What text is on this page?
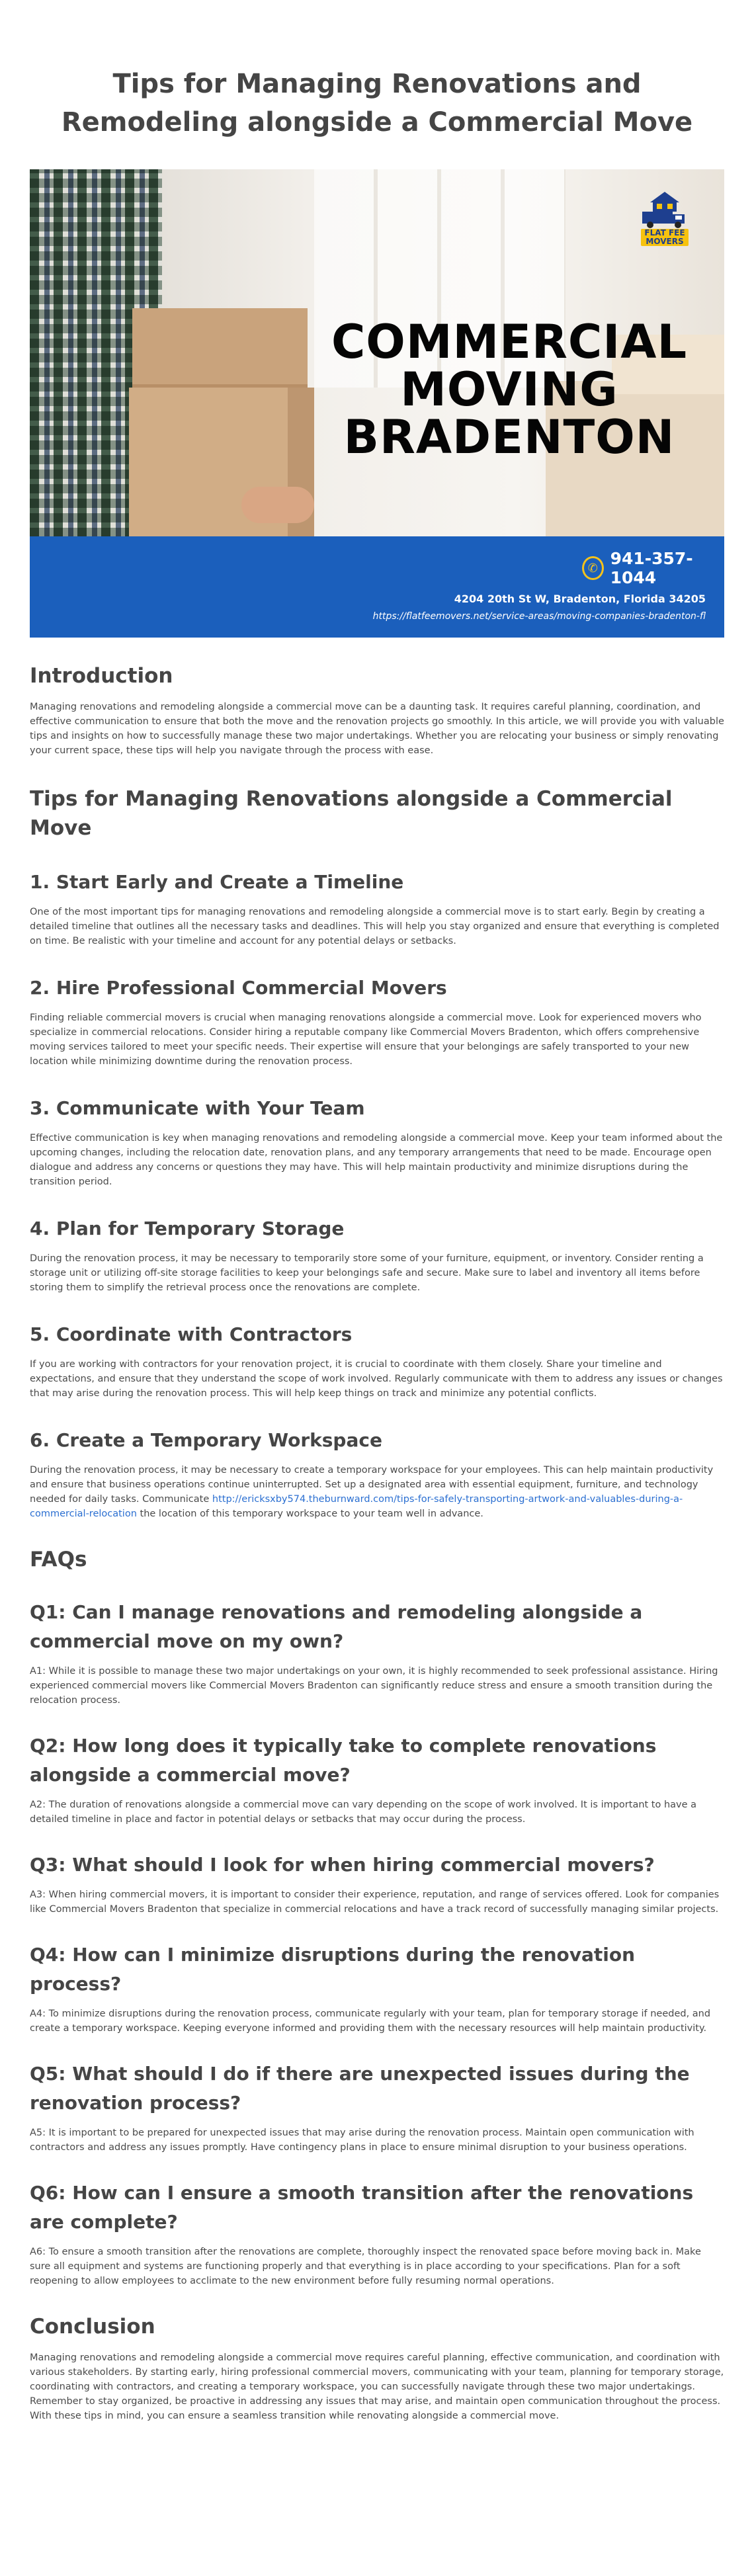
Tips for Managing Renovations and Remodeling alongside a Commercial Move
FLAT FEE MOVERS
COMMERCIAL
MOVING
BRADENTON
✆ 941-357-1044
4204 20th St W, Bradenton, Florida 34205
https://flatfeemovers.net/service-areas/moving-companies-bradenton-fl
Introduction

Managing renovations and remodeling alongside a commercial move can be a daunting task. It requires careful planning, coordination, and effective communication to ensure that both the move and the renovation projects go smoothly. In this article, we will provide you with valuable tips and insights on how to successfully manage these two major undertakings. Whether you are relocating your business or simply renovating your current space, these tips will help you navigate through the process with ease.

Tips for Managing Renovations alongside a Commercial Move
1. Start Early and Create a Timeline

One of the most important tips for managing renovations and remodeling alongside a commercial move is to start early. Begin by creating a detailed timeline that outlines all the necessary tasks and deadlines. This will help you stay organized and ensure that everything is completed on time. Be realistic with your timeline and account for any potential delays or setbacks.

2. Hire Professional Commercial Movers

Finding reliable commercial movers is crucial when managing renovations alongside a commercial move. Look for experienced movers who specialize in commercial relocations. Consider hiring a reputable company like Commercial Movers Bradenton, which offers comprehensive moving services tailored to meet your specific needs. Their expertise will ensure that your belongings are safely transported to your new location while minimizing downtime during the renovation process.

3. Communicate with Your Team

Effective communication is key when managing renovations and remodeling alongside a commercial move. Keep your team informed about the upcoming changes, including the relocation date, renovation plans, and any temporary arrangements that need to be made. Encourage open dialogue and address any concerns or questions they may have. This will help maintain productivity and minimize disruptions during the transition period.

4. Plan for Temporary Storage

During the renovation process, it may be necessary to temporarily store some of your furniture, equipment, or inventory. Consider renting a storage unit or utilizing off-site storage facilities to keep your belongings safe and secure. Make sure to label and inventory all items before storing them to simplify the retrieval process once the renovations are complete.

5. Coordinate with Contractors

If you are working with contractors for your renovation project, it is crucial to coordinate with them closely. Share your timeline and expectations, and ensure that they understand the scope of work involved. Regularly communicate with them to address any issues or changes that may arise during the renovation process. This will help keep things on track and minimize any potential conflicts.

6. Create a Temporary Workspace

During the renovation process, it may be necessary to create a temporary workspace for your employees. This can help maintain productivity and ensure that business operations continue uninterrupted. Set up a designated area with essential equipment, furniture, and technology needed for daily tasks. Communicate http://ericksxby574.theburnward.com/tips-for-safely-transporting-artwork-and-valuables-during-a-commercial-relocation the location of this temporary workspace to your team well in advance.

FAQs
Q1: Can I manage renovations and remodeling alongside a commercial move on my own?

A1: While it is possible to manage these two major undertakings on your own, it is highly recommended to seek professional assistance. Hiring experienced commercial movers like Commercial Movers Bradenton can significantly reduce stress and ensure a smooth transition during the relocation process.

Q2: How long does it typically take to complete renovations alongside a commercial move?

A2: The duration of renovations alongside a commercial move can vary depending on the scope of work involved. It is important to have a detailed timeline in place and factor in potential delays or setbacks that may occur during the process.

Q3: What should I look for when hiring commercial movers?

A3: When hiring commercial movers, it is important to consider their experience, reputation, and range of services offered. Look for companies like Commercial Movers Bradenton that specialize in commercial relocations and have a track record of successfully managing similar projects.

Q4: How can I minimize disruptions during the renovation process?

A4: To minimize disruptions during the renovation process, communicate regularly with your team, plan for temporary storage if needed, and create a temporary workspace. Keeping everyone informed and providing them with the necessary resources will help maintain productivity.

Q5: What should I do if there are unexpected issues during the renovation process?

A5: It is important to be prepared for unexpected issues that may arise during the renovation process. Maintain open communication with contractors and address any issues promptly. Have contingency plans in place to ensure minimal disruption to your business operations.

Q6: How can I ensure a smooth transition after the renovations are complete?

A6: To ensure a smooth transition after the renovations are complete, thoroughly inspect the renovated space before moving back in. Make sure all equipment and systems are functioning properly and that everything is in place according to your specifications. Plan for a soft reopening to allow employees to acclimate to the new environment before fully resuming normal operations.

Conclusion

Managing renovations and remodeling alongside a commercial move requires careful planning, effective communication, and coordination with various stakeholders. By starting early, hiring professional commercial movers, communicating with your team, planning for temporary storage, coordinating with contractors, and creating a temporary workspace, you can successfully navigate through these two major undertakings. Remember to stay organized, be proactive in addressing any issues that may arise, and maintain open communication throughout the process. With these tips in mind, you can ensure a seamless transition while renovating alongside a commercial move.
